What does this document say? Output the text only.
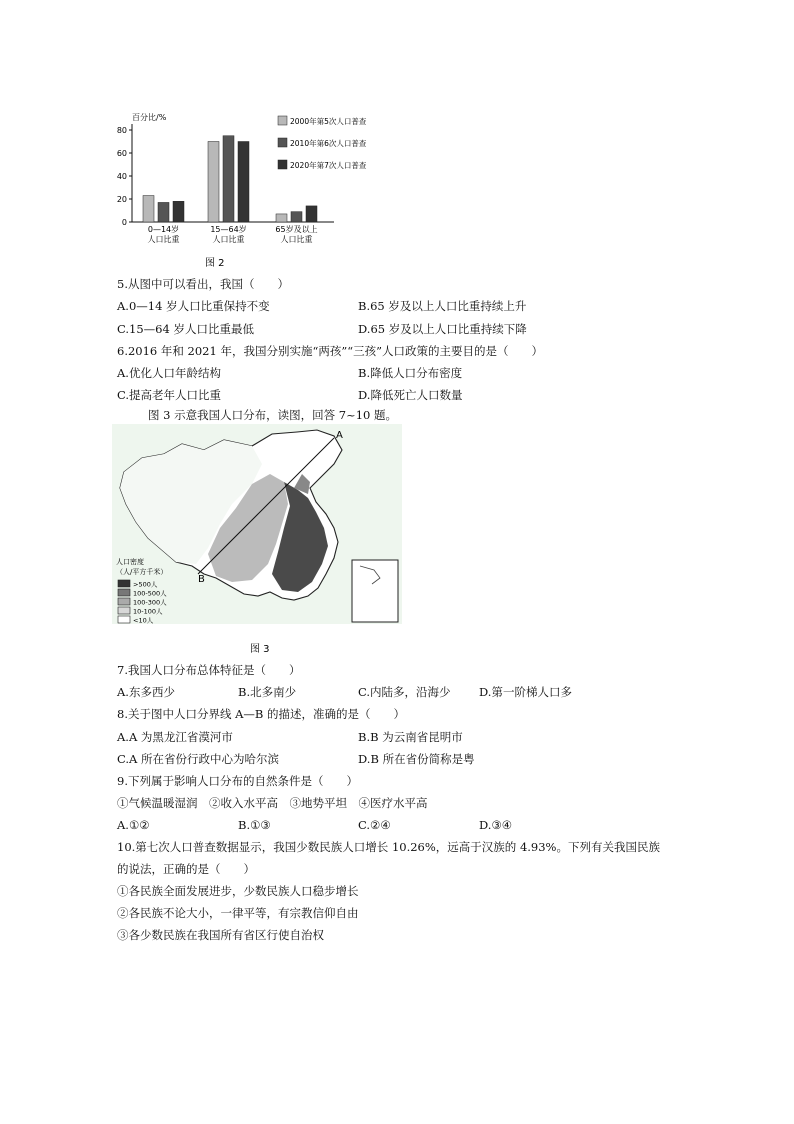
百分比/%
0
20
40
60
80
0—14岁
人口比重
15—64岁
人口比重
65岁及以上
人口比重
2000年第5次人口普查
2010年第6次人口普查
2020年第7次人口普查
图 2
5.从图中可以看出，我国（　　）
A.0—14 岁人口比重保持不变	B.65 岁及以上人口比重持续上升
C.15—64 岁人口比重最低	D.65 岁及以上人口比重持续下降
6.2016 年和 2021 年，我国分别实施“两孩”“三孩”人口政策的主要目的是（　　）
A.优化人口年龄结构	B.降低人口分布密度
C.提高老年人口比重	D.降低死亡人口数量
图 3 示意我国人口分布，读图，回答 7~10 题。
A
B
人口密度
（人/平方千米）
>500人
100-500人
100-300人
10-100人
<10人
图 3
7.我国人口分布总体特征是（　　）
A.东多西少	B.北多南少	C.内陆多，沿海少 D.第一阶梯人口多
8.关于图中人口分界线 A—B 的描述，准确的是（　　）
A.A 为黑龙江省漠河市	B.B 为云南省昆明市
C.A 所在省份行政中心为哈尔滨	D.B 所在省份简称是粤
9.下列属于影响人口分布的自然条件是（　　）
①气候温暖湿润　②收入水平高　③地势平坦　④医疗水平高
A.①②	B.①③	C.②④	D.③④
10.第七次人口普查数据显示，我国少数民族人口增长 10.26%，远高于汉族的 4.93%。下列有关我国民族
的说法，正确的是（　　）
①各民族全面发展进步，少数民族人口稳步增长
②各民族不论大小，一律平等，有宗教信仰自由
③各少数民族在我国所有省区行使自治权
